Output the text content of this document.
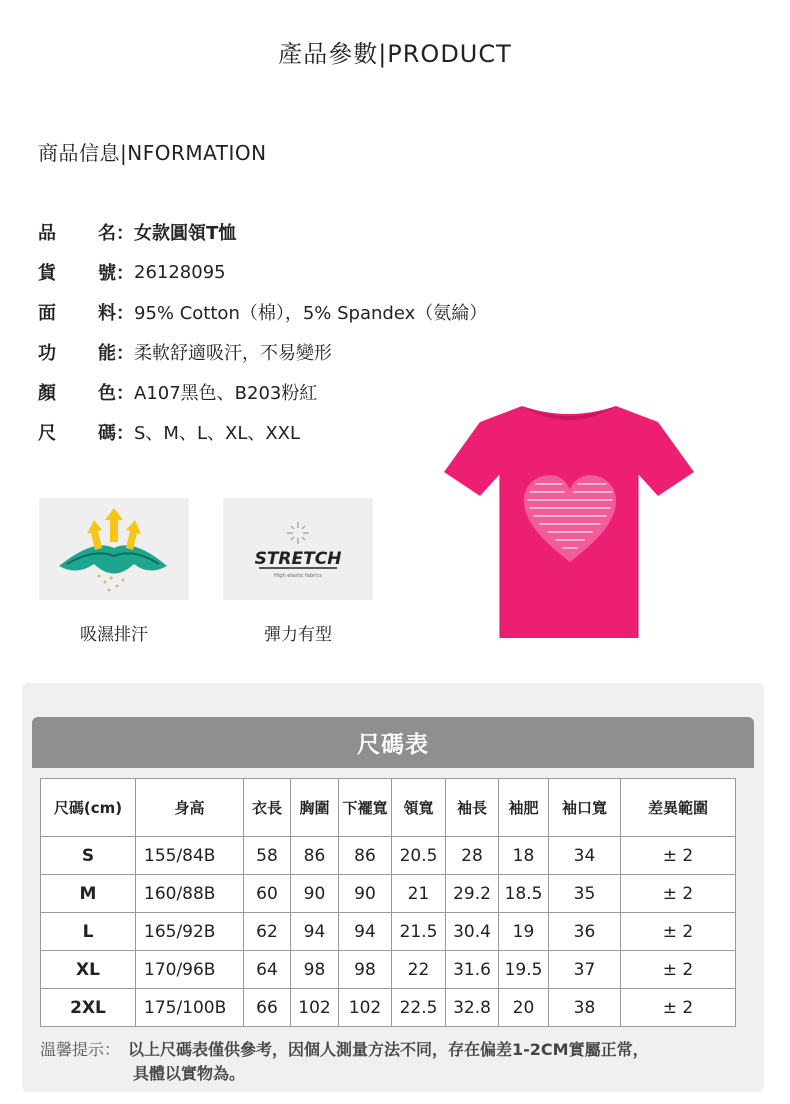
產品參數|PRODUCT
商品信息|NFORMATION
品 名 ： 女款圓領T恤
貨 號 ： 26128095
面 料 ： 95% Cotton（棉），5% Spandex（氨綸）
功 能 ： 柔軟舒適吸汗，不易變形
顏 色 ： A107黑色、B203粉紅
尺 碼 ： S、M、L、XL、XXL
STRETCH
High elastic fabrics
吸濕排汗	彈力有型
尺碼表
尺碼(cm)	身高	衣長	胸圍	下襬寬	領寬	袖長	袖肥	袖口寬	差異範圍
S	155/84B	58	86	86	20.5	28	18	34	± 2
M	160/88B	60	90	90	21	29.2	18.5	35	± 2
L	165/92B	62	94	94	21.5	30.4	19	36	± 2
XL	170/96B	64	98	98	22	31.6	19.5	37	± 2
2XL	175/100B	66	102	102	22.5	32.8	20	38	± 2
溫馨提示： 以上尺碼表僅供參考，因個人測量方法不同，存在偏差1-2CM實屬正常，
具體以實物為。
